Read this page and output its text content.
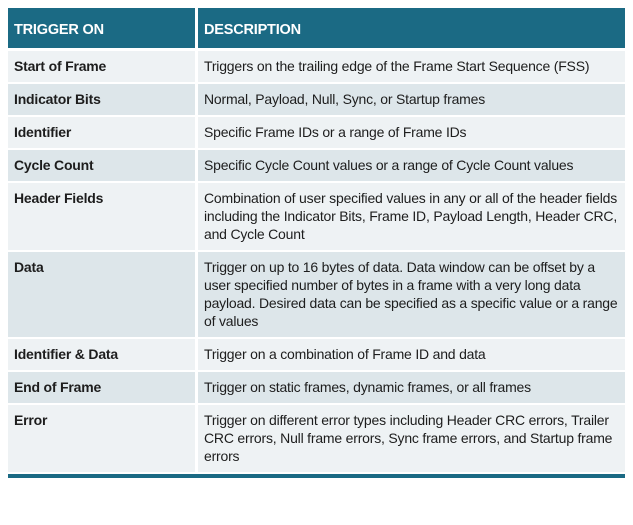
TRIGGER ON	DESCRIPTION
Start of Frame	Triggers on the trailing edge of the Frame Start Sequence (FSS)
Indicator Bits	Normal, Payload, Null, Sync, or Startup frames
Identifier	Specific Frame IDs or a range of Frame IDs
Cycle Count	Specific Cycle Count values or a range of Cycle Count values
Header Fields	Combination of user specified values in any or all of the header fields including the Indicator Bits, Frame ID, Payload Length, Header CRC, and Cycle Count
Data	Trigger on up to 16 bytes of data. Data window can be offset by a user specified number of bytes in a frame with a very long data payload. Desired data can be specified as a specific value or a range of values
Identifier & Data	Trigger on a combination of Frame ID and data
End of Frame	Trigger on static frames, dynamic frames, or all frames
Error	Trigger on different error types including Header CRC errors, Trailer CRC errors, Null frame errors, Sync frame errors, and Startup frame errors
